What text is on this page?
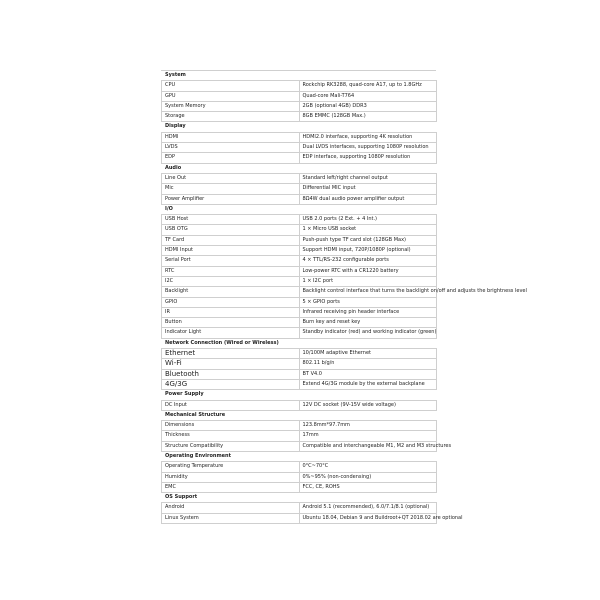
System	
CPU	Rockchip RK3288, quad-core A17, up to 1.8GHz
GPU	Quad-core Mali-T764
System Memory	2GB (optional 4GB) DDR3
Storage	8GB EMMC (128GB Max.)
Display	
HDMI	HDMI2.0 interface, supporting 4K resolution
LVDS	Dual LVDS interfaces, supporting 1080P resolution
EDP	EDP interface, supporting 1080P resolution
Audio	
Line Out	Standard left/right channel output
Mic	Differential MIC input
Power Amplifier	8Ω4W dual audio power amplifier output
I/O	
USB Host	USB 2.0 ports (2 Ext. + 4 Int.)
USB OTG	1 × Micro USB socket
TF Card	Push-push type TF card slot (128GB Max)
HDMI Input	Support HDMI input, 720P/1080P (optional)
Serial Port	4 × TTL/RS-232 configurable ports
RTC	Low-power RTC with a CR1220 battery
I2C	1 × I2C port
Backlight	Backlight control interface that turns the backlight on/off and adjusts the brightness level
GPIO	5 × GPIO ports
IR	Infrared receiving pin header interface
Button	Burn key and reset key
Indicator Light	Standby indicator (red) and working indicator (green)
Network Connection (Wired or Wireless)	
Ethernet	10/100M adaptive Ethernet
Wi-Fi	802.11 b/g/n
Bluetooth	BT V4.0
4G/3G	Extend 4G/3G module by the external backplane
Power Supply	
DC Input	12V DC socket (9V-15V wide voltage)
Mechanical Structure	
Dimensions	123.8mm*97.7mm
Thickness	17mm
Structure Compatibility	Compatible and interchangeable M1, M2 and M3 structures
Operating Environment	
Operating Temperature	0°C~70°C
Humidity	0%~95% (non-condensing)
EMC	FCC, CE, ROHS
OS Support	
Android	Android 5.1 (recommended), 6.0/7.1/8.1 (optional)
Linux System	Ubuntu 18.04, Debian 9 and Buildroot+QT 2018.02 are optional
